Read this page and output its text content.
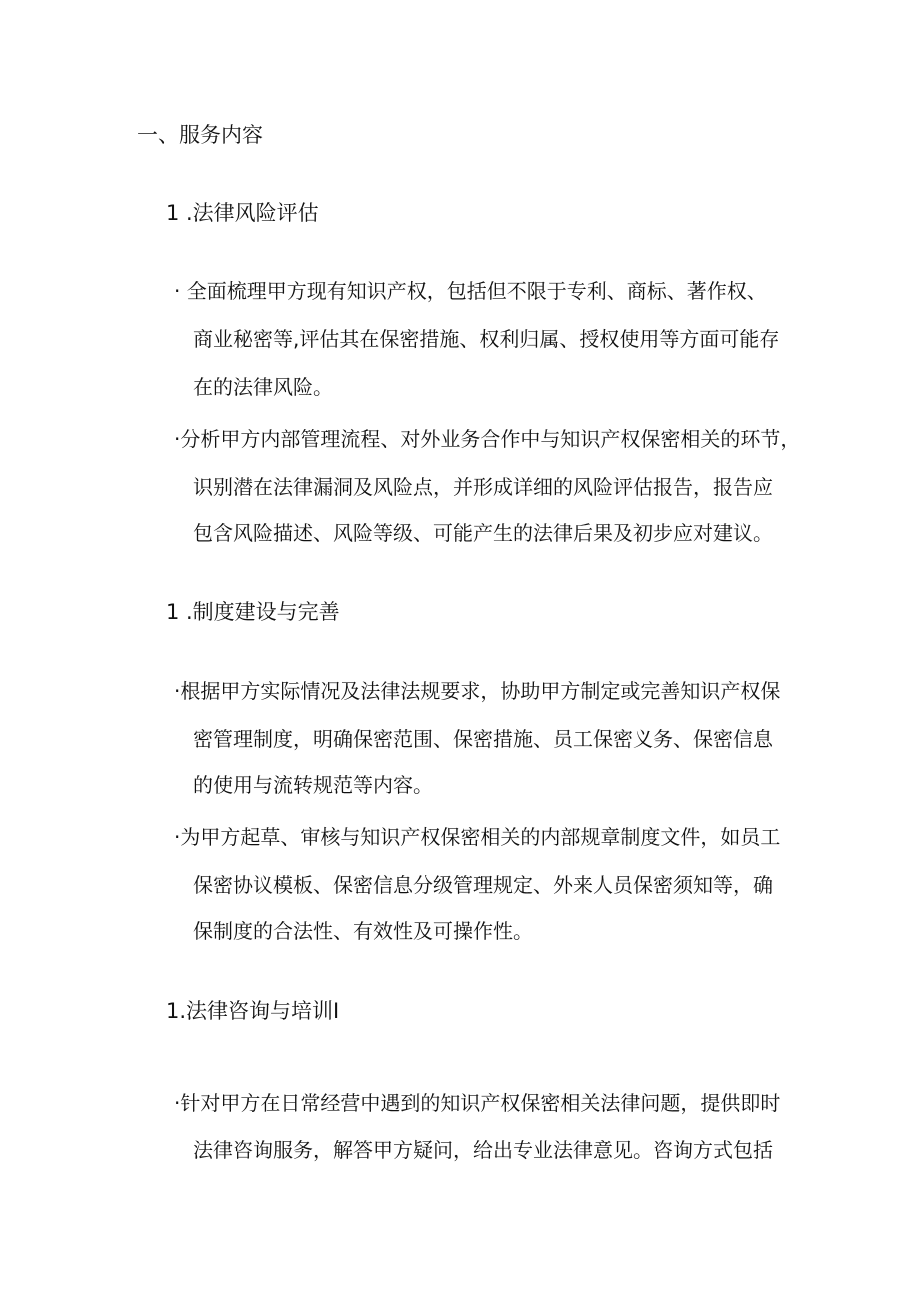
一、服务内容
1 .法律风险评估
· 全面梳理甲方现有知识产权，包括但不限于专利、商标、著作权、
商业秘密等,评估其在保密措施、权利归属、授权使用等方面可能存
在的法律风险。
·分析甲方内部管理流程、对外业务合作中与知识产权保密相关的环节，
识别潜在法律漏洞及风险点，并形成详细的风险评估报告，报告应
包含风险描述、风险等级、可能产生的法律后果及初步应对建议。
1 .制度建设与完善
·根据甲方实际情况及法律法规要求，协助甲方制定或完善知识产权保
密管理制度，明确保密范围、保密措施、员工保密义务、保密信息
的使用与流转规范等内容。
·为甲方起草、审核与知识产权保密相关的内部规章制度文件，如员工
保密协议模板、保密信息分级管理规定、外来人员保密须知等，确
保制度的合法性、有效性及可操作性。
1.法律咨询与培训I
·针对甲方在日常经营中遇到的知识产权保密相关法律问题，提供即时
法律咨询服务，解答甲方疑问，给出专业法律意见。咨询方式包括
